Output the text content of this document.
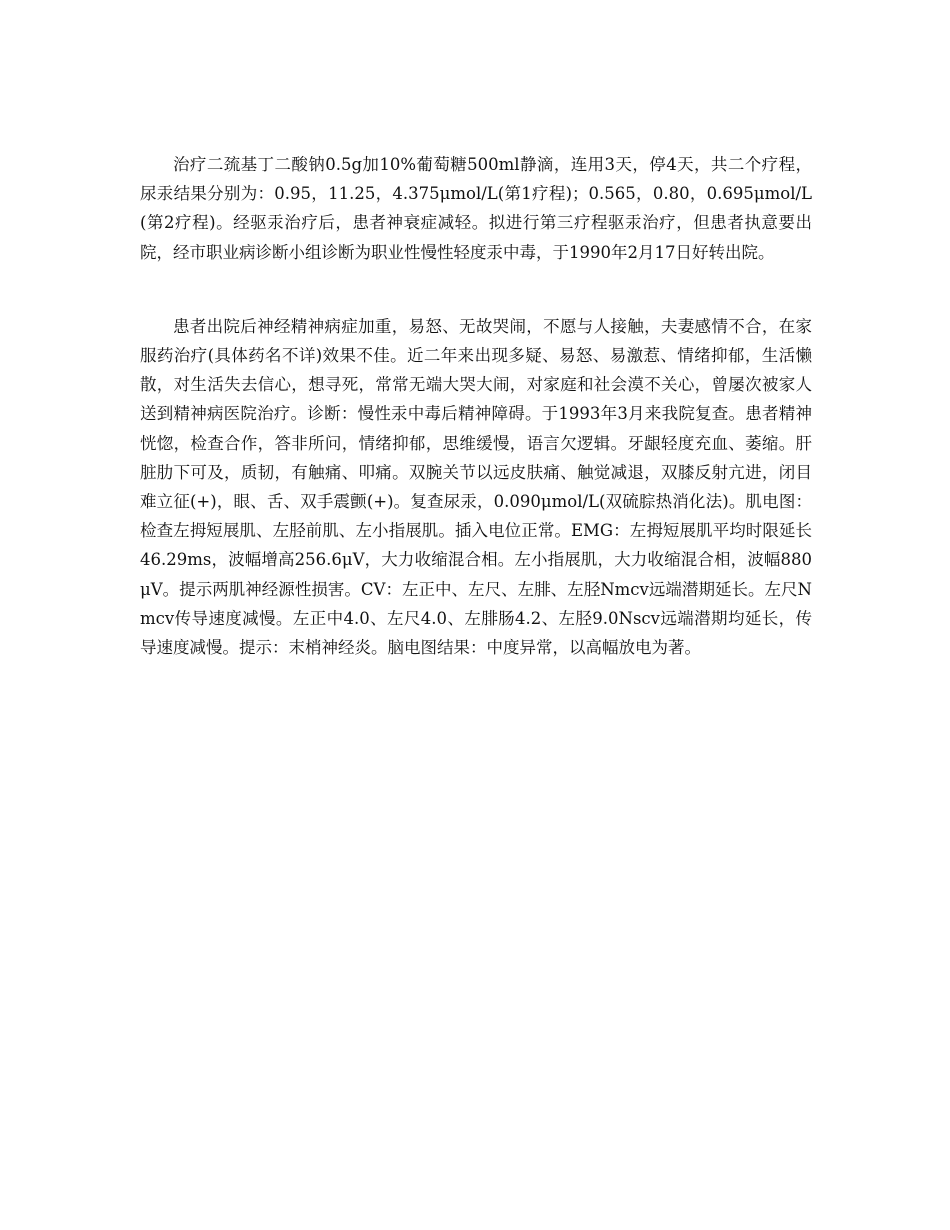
治疗二巯基丁二酸钠0.5g加10%葡萄糖500ml静滴，连用3天，停4天，共二个疗程，尿汞结果分别为：0.95，11.25，4.375μmol/L(第1疗程)；0.565，0.80，0.695μmol/L(第2疗程)。经驱汞治疗后，患者神衰症减轻。拟进行第三疗程驱汞治疗，但患者执意要出院，经市职业病诊断小组诊断为职业性慢性轻度汞中毒，于1990年2月17日好转出院。

患者出院后神经精神病症加重，易怒、无故哭闹，不愿与人接触，夫妻感情不合，在家服药治疗(具体药名不详)效果不佳。近二年来出现多疑、易怒、易激惹、情绪抑郁，生活懒散，对生活失去信心，想寻死，常常无端大哭大闹，对家庭和社会漠不关心，曾屡次被家人送到精神病医院治疗。诊断：慢性汞中毒后精神障碍。于1993年3月来我院复查。患者精神恍惚，检查合作，答非所问，情绪抑郁，思维缓慢，语言欠逻辑。牙龈轻度充血、萎缩。肝脏肋下可及，质韧，有触痛、叩痛。双腕关节以远皮肤痛、触觉减退，双膝反射亢进，闭目难立征(+)，眼、舌、双手震颤(+)。复查尿汞，0.090μmol/L(双硫腙热消化法)。肌电图：检查左拇短展肌、左胫前肌、左小指展肌。插入电位正常。EMG：左拇短展肌平均时限延长46.29ms，波幅增高256.6μV，大力收缩混合相。左小指展肌，大力收缩混合相，波幅880μV。提示两肌神经源性损害。CV：左正中、左尺、左腓、左胫Nmcv远端潜期延长。左尺Nmcv传导速度减慢。左正中4.0、左尺4.0、左腓肠4.2、左胫9.0Nscv远端潜期均延长，传导速度减慢。提示：末梢神经炎。脑电图结果：中度异常，以高幅放电为著。
